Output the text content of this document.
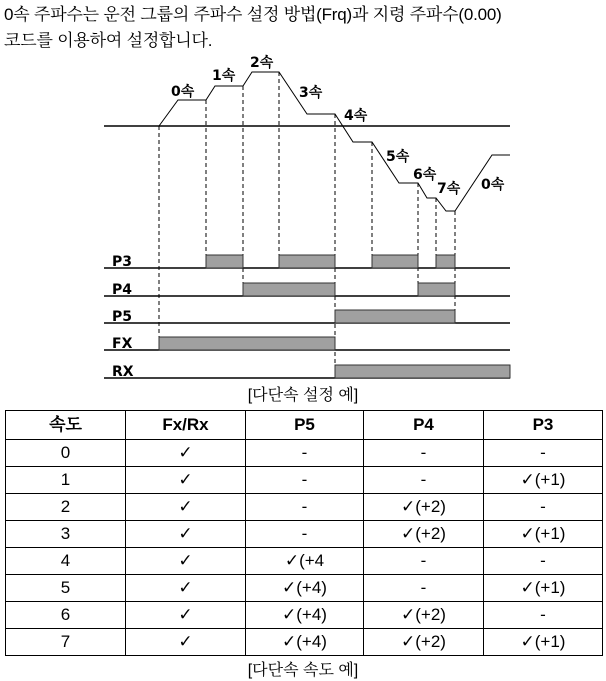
0속 주파수는 운전 그룹의 주파수 설정 방법(Frq)과 지령 주파수(0.00)
코드를 이용하여 설정합니다.
0속
1속
2속
3속
4속
5속
6속
7속 0속
P3
P4
P5
FX
RX
[다단속 설정 예]
속도	Fx/Rx	P5	P4	P3
0	✓	-	-	-
1	✓	-	-	✓(+1)
2	✓	-	✓(+2)	-
3	✓	-	✓(+2)	✓(+1)
4	✓	✓(+4	-	-
5	✓	✓(+4)	-	✓(+1)
6	✓	✓(+4)	✓(+2)	-
7	✓	✓(+4)	✓(+2)	✓(+1)
[다단속 속도 예]
